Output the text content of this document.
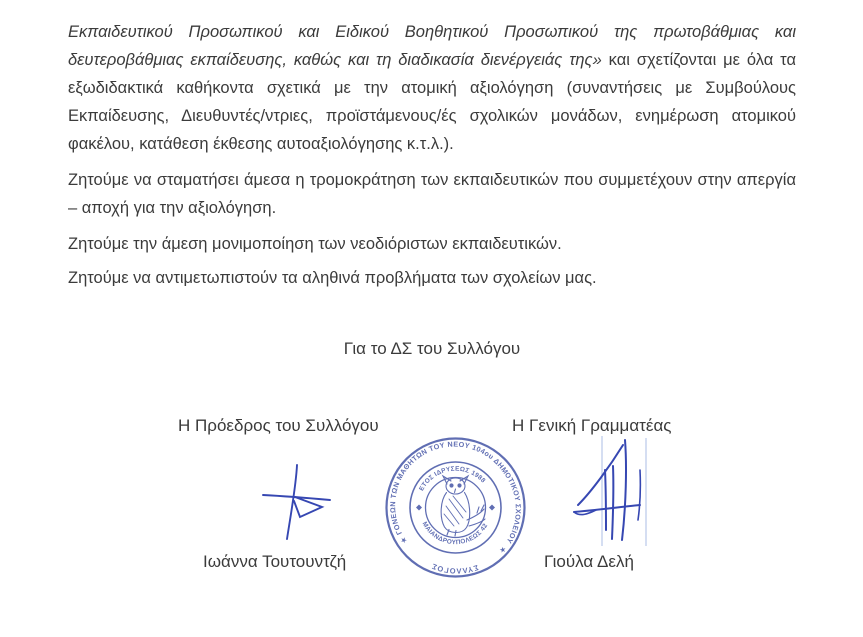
Εκπαιδευτικού Προσωπικού και Ειδικού Βοηθητικού Προσωπικού της πρωτοβάθμιας και δευτεροβάθμιας εκπαίδευσης, καθώς και τη διαδικασία διενέργειάς της» και σχετίζονται με όλα τα εξωδιδακτικά καθήκοντα σχετικά με την ατομική αξιολόγηση (συναντήσεις με Συμβούλους Εκπαίδευσης, Διευθυντές/ντριες, προϊστάμενους/ές σχολικών μονάδων, ενημέρωση ατομικού φακέλου, κατάθεση έκθεσης αυτοαξιολόγησης κ.τ.λ.).

Ζητούμε να σταματήσει άμεσα η τρομοκράτηση των εκπαιδευτικών που συμμετέχουν στην απεργία – αποχή για την αξιολόγηση.

Ζητούμε την άμεση μονιμοποίηση των νεοδιόριστων εκπαιδευτικών.

Ζητούμε να αντιμετωπιστούν τα αληθινά προβλήματα των σχολείων μας.

Για το ΔΣ του Συλλόγου
Η Πρόεδρος του Συλλόγου	Η Γενική Γραμματέας
ΓΟΝΕΩΝ ΤΩΝ ΜΑΘΗΤΩΝ ΤΟΥ ΝΕΟΥ 104ου ΔΗΜΟΤΙΚΟΥ ΣΧΟΛΕΙΟΥ
ΣΥΛΛΟΓΟΣ
★
★
ΕΤΟΣ ΙΔΡΥΣΕΩΣ 1988
ΜΑΙΑΝΔΡΟΥΠΟΛΕΩΣ 42
Ιωάννα Τουτουντζή	Γιούλα Δελή
